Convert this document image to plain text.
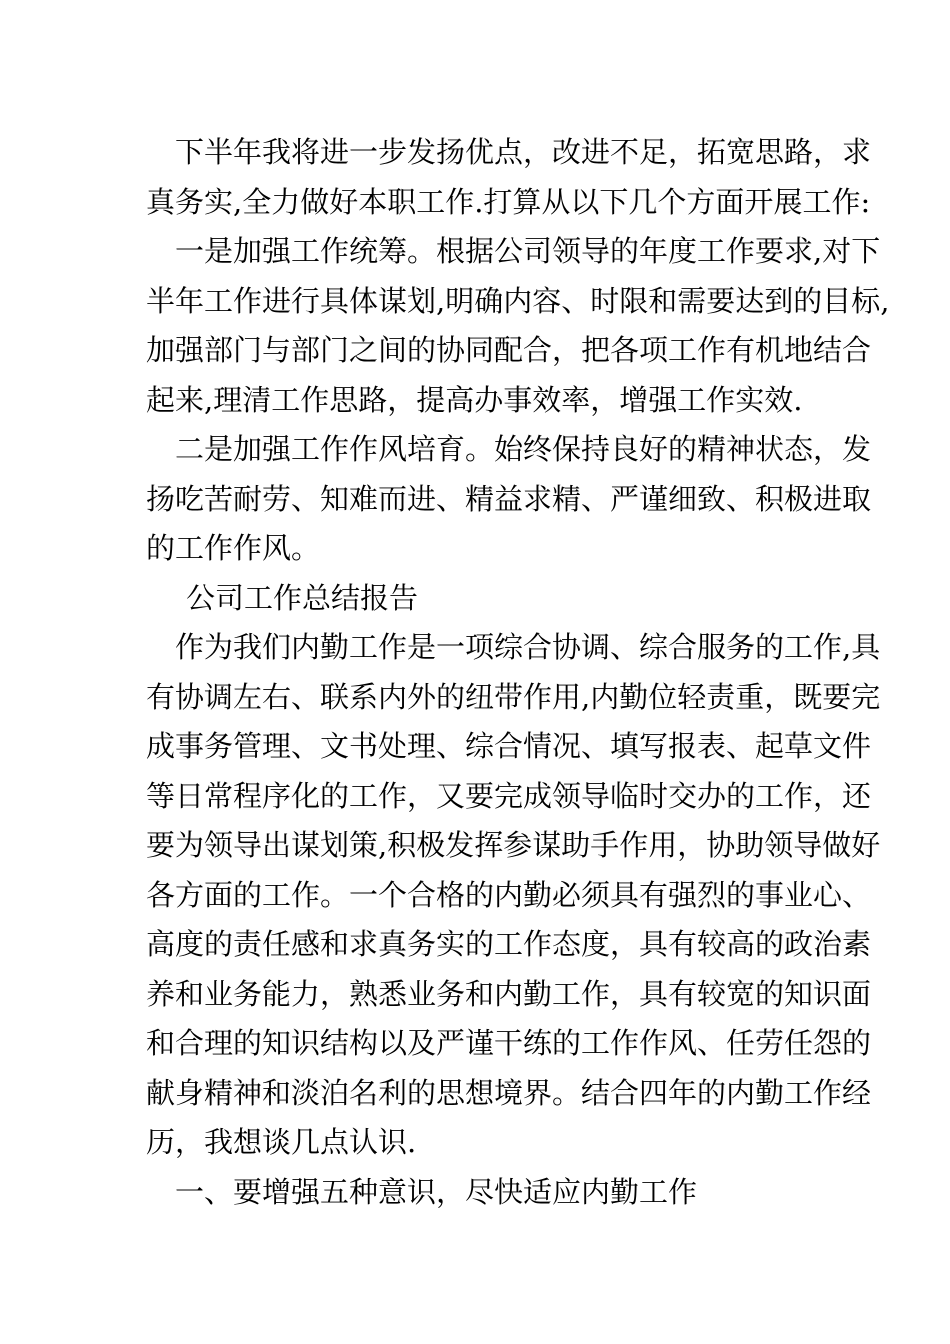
下半年我将进一步发扬优点，改进不足，拓宽思路，求
真务实,全力做好本职工作.打算从以下几个方面开展工作:
一是加强工作统筹。根据公司领导的年度工作要求,对下
半年工作进行具体谋划,明确内容、时限和需要达到的目标,
加强部门与部门之间的协同配合，把各项工作有机地结合
起来,理清工作思路，提高办事效率，增强工作实效.
二是加强工作作风培育。始终保持良好的精神状态，发
扬吃苦耐劳、知难而进、精益求精、严谨细致、积极进取
的工作作风。
公司工作总结报告
作为我们内勤工作是一项综合协调、综合服务的工作,具
有协调左右、联系内外的纽带作用,内勤位轻责重，既要完
成事务管理、文书处理、综合情况、填写报表、起草文件
等日常程序化的工作，又要完成领导临时交办的工作，还
要为领导出谋划策,积极发挥参谋助手作用，协助领导做好
各方面的工作。一个合格的内勤必须具有强烈的事业心、
高度的责任感和求真务实的工作态度，具有较高的政治素
养和业务能力，熟悉业务和内勤工作，具有较宽的知识面
和合理的知识结构以及严谨干练的工作作风、任劳任怨的
献身精神和淡泊名利的思想境界。结合四年的内勤工作经
历，我想谈几点认识.
一、要增强五种意识，尽快适应内勤工作
